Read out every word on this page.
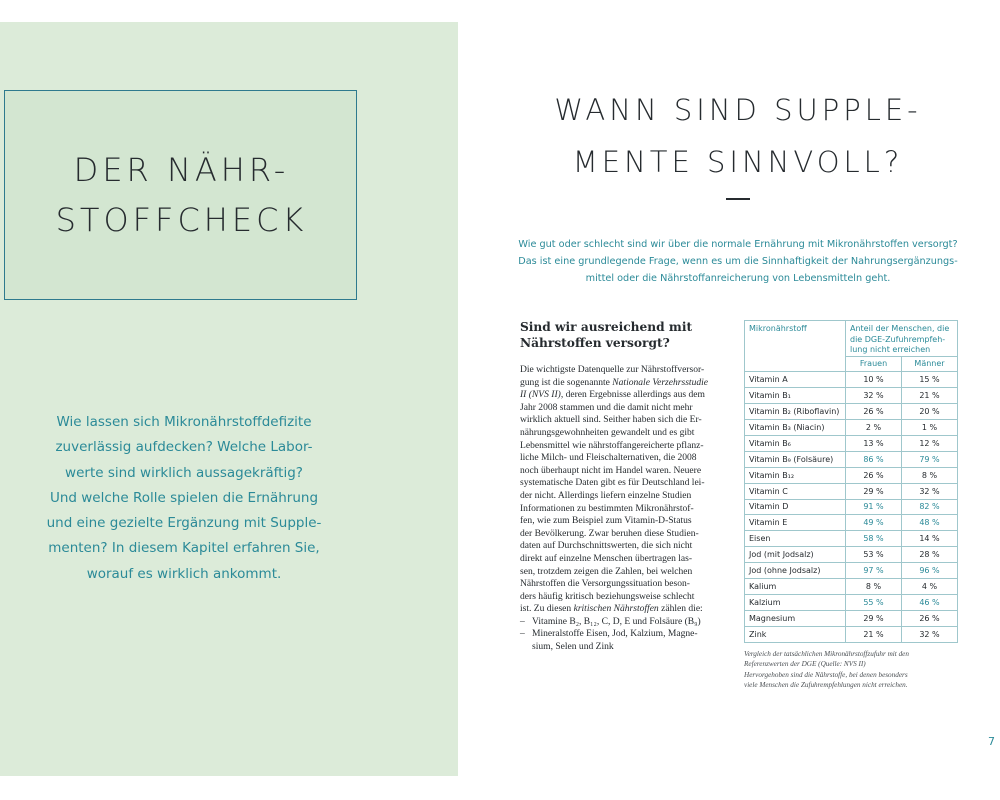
DER NÄHR-
STOFFCHECK

Wie lassen sich Mikronährstoffdefizite
zuverlässig aufdecken? Welche Labor-
werte sind wirklich aussagekräftig?
Und welche Rolle spielen die Ernährung
und eine gezielte Ergänzung mit Supple-
menten? In diesem Kapitel erfahren Sie,
worauf es wirklich ankommt.

WANN SIND SUPPLE-
MENTE SINNVOLL?

Wie gut oder schlecht sind wir über die normale Ernährung mit Mikronährstoffen versorgt?
Das ist eine grundlegende Frage, wenn es um die Sinnhaftigkeit der Nahrungsergänzungs-
mittel oder die Nährstoffanreicherung von Lebensmitteln geht.

Sind wir ausreichend mit
Nährstoffen versorgt?
Die wichtigste Datenquelle zur Nährstoffversor-
gung ist die sogenannte Nationale Verzehrsstudie
II (NVS II), deren Ergebnisse allerdings aus dem
Jahr 2008 stammen und die damit nicht mehr
wirklich aktuell sind. Seither haben sich die Er-
nährungsgewohnheiten gewandelt und es gibt
Lebensmittel wie nährstoffangereicherte pflanz-
liche Milch- und Fleischalternativen, die 2008
noch überhaupt nicht im Handel waren. Neuere
systematische Daten gibt es für Deutschland lei-
der nicht. Allerdings liefern einzelne Studien
Informationen zu bestimmten Mikronährstof-
fen, wie zum Beispiel zum Vitamin-D-Status
der Bevölkerung. Zwar beruhen diese Studien-
daten auf Durchschnittswerten, die sich nicht
direkt auf einzelne Menschen übertragen las-
sen, trotzdem zeigen die Zahlen, bei welchen
Nährstoffen die Versorgungssituation beson-
ders häufig kritisch beziehungsweise schlecht
ist. Zu diesen kritischen Nährstoffen zählen die:
– Vitamine B₂, B₁₂, C, D, E und Folsäure (B₉)
– Mineralstoffe Eisen, Jod, Kalzium, Magne-
sium, Selen und Zink
Mikronährstoff	Anteil der Menschen, die
die DGE-Zufuhrempfeh-
lung nicht erreichen	

	Frauen	Männer
Vitamin A	10 %	15 %
Vitamin B₁	32 %	21 %
Vitamin B₂ (Riboflavin)	26 %	20 %
Vitamin B₃ (Niacin)	2 %	1 %
Vitamin B₆	13 %	12 %
Vitamin B₉ (Folsäure)	86 %	79 %
Vitamin B₁₂	26 %	8 %
Vitamin C	29 %	32 %
Vitamin D	91 %	82 %
Vitamin E	49 %	48 %
Eisen	58 %	14 %
Jod (mit Jodsalz)	53 %	28 %
Jod (ohne Jodsalz)	97 %	96 %
Kalium	8 %	4 %
Kalzium	55 %	46 %
Magnesium	29 %	26 %
Zink	21 %	32 %

Vergleich der tatsächlichen Mikronährstoffzufuhr mit den
Referenzwerten der DGE (Quelle: NVS II)
Hervorgehoben sind die Nährstoffe, bei denen besonders
viele Menschen die Zufuhrempfehlungen nicht erreichen.

7
